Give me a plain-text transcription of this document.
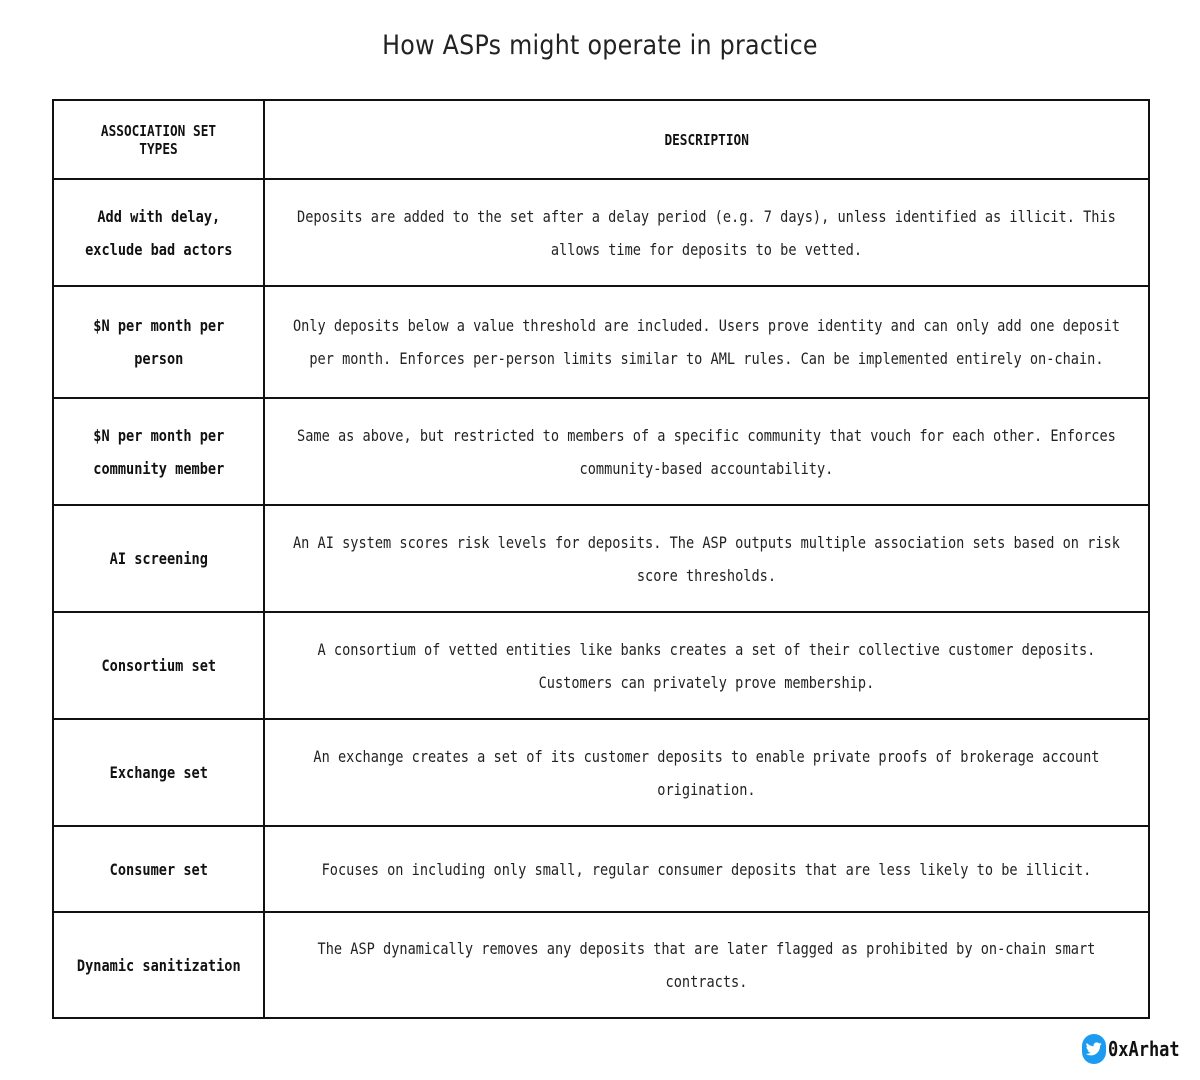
How ASPs might operate in practice
ASSOCIATION SET TYPES	DESCRIPTION
Add with delay, exclude bad actors	Deposits are added to the set after a delay period (e.g. 7 days), unless identified as illicit. This allows time for deposits to be vetted.
$N per month per person	Only deposits below a value threshold are included. Users prove identity and can only add one deposit per month. Enforces per-person limits similar to AML rules. Can be implemented entirely on-chain.
$N per month per community member	Same as above, but restricted to members of a specific community that vouch for each other. Enforces community-based accountability.
AI screening	An AI system scores risk levels for deposits. The ASP outputs multiple association sets based on risk score thresholds.
Consortium set	A consortium of vetted entities like banks creates a set of their collective customer deposits. Customers can privately prove membership.
Exchange set	An exchange creates a set of its customer deposits to enable private proofs of brokerage account origination.
Consumer set	Focuses on including only small, regular consumer deposits that are less likely to be illicit.
Dynamic sanitization	The ASP dynamically removes any deposits that are later flagged as prohibited by on-chain smart contracts.
0xArhat
